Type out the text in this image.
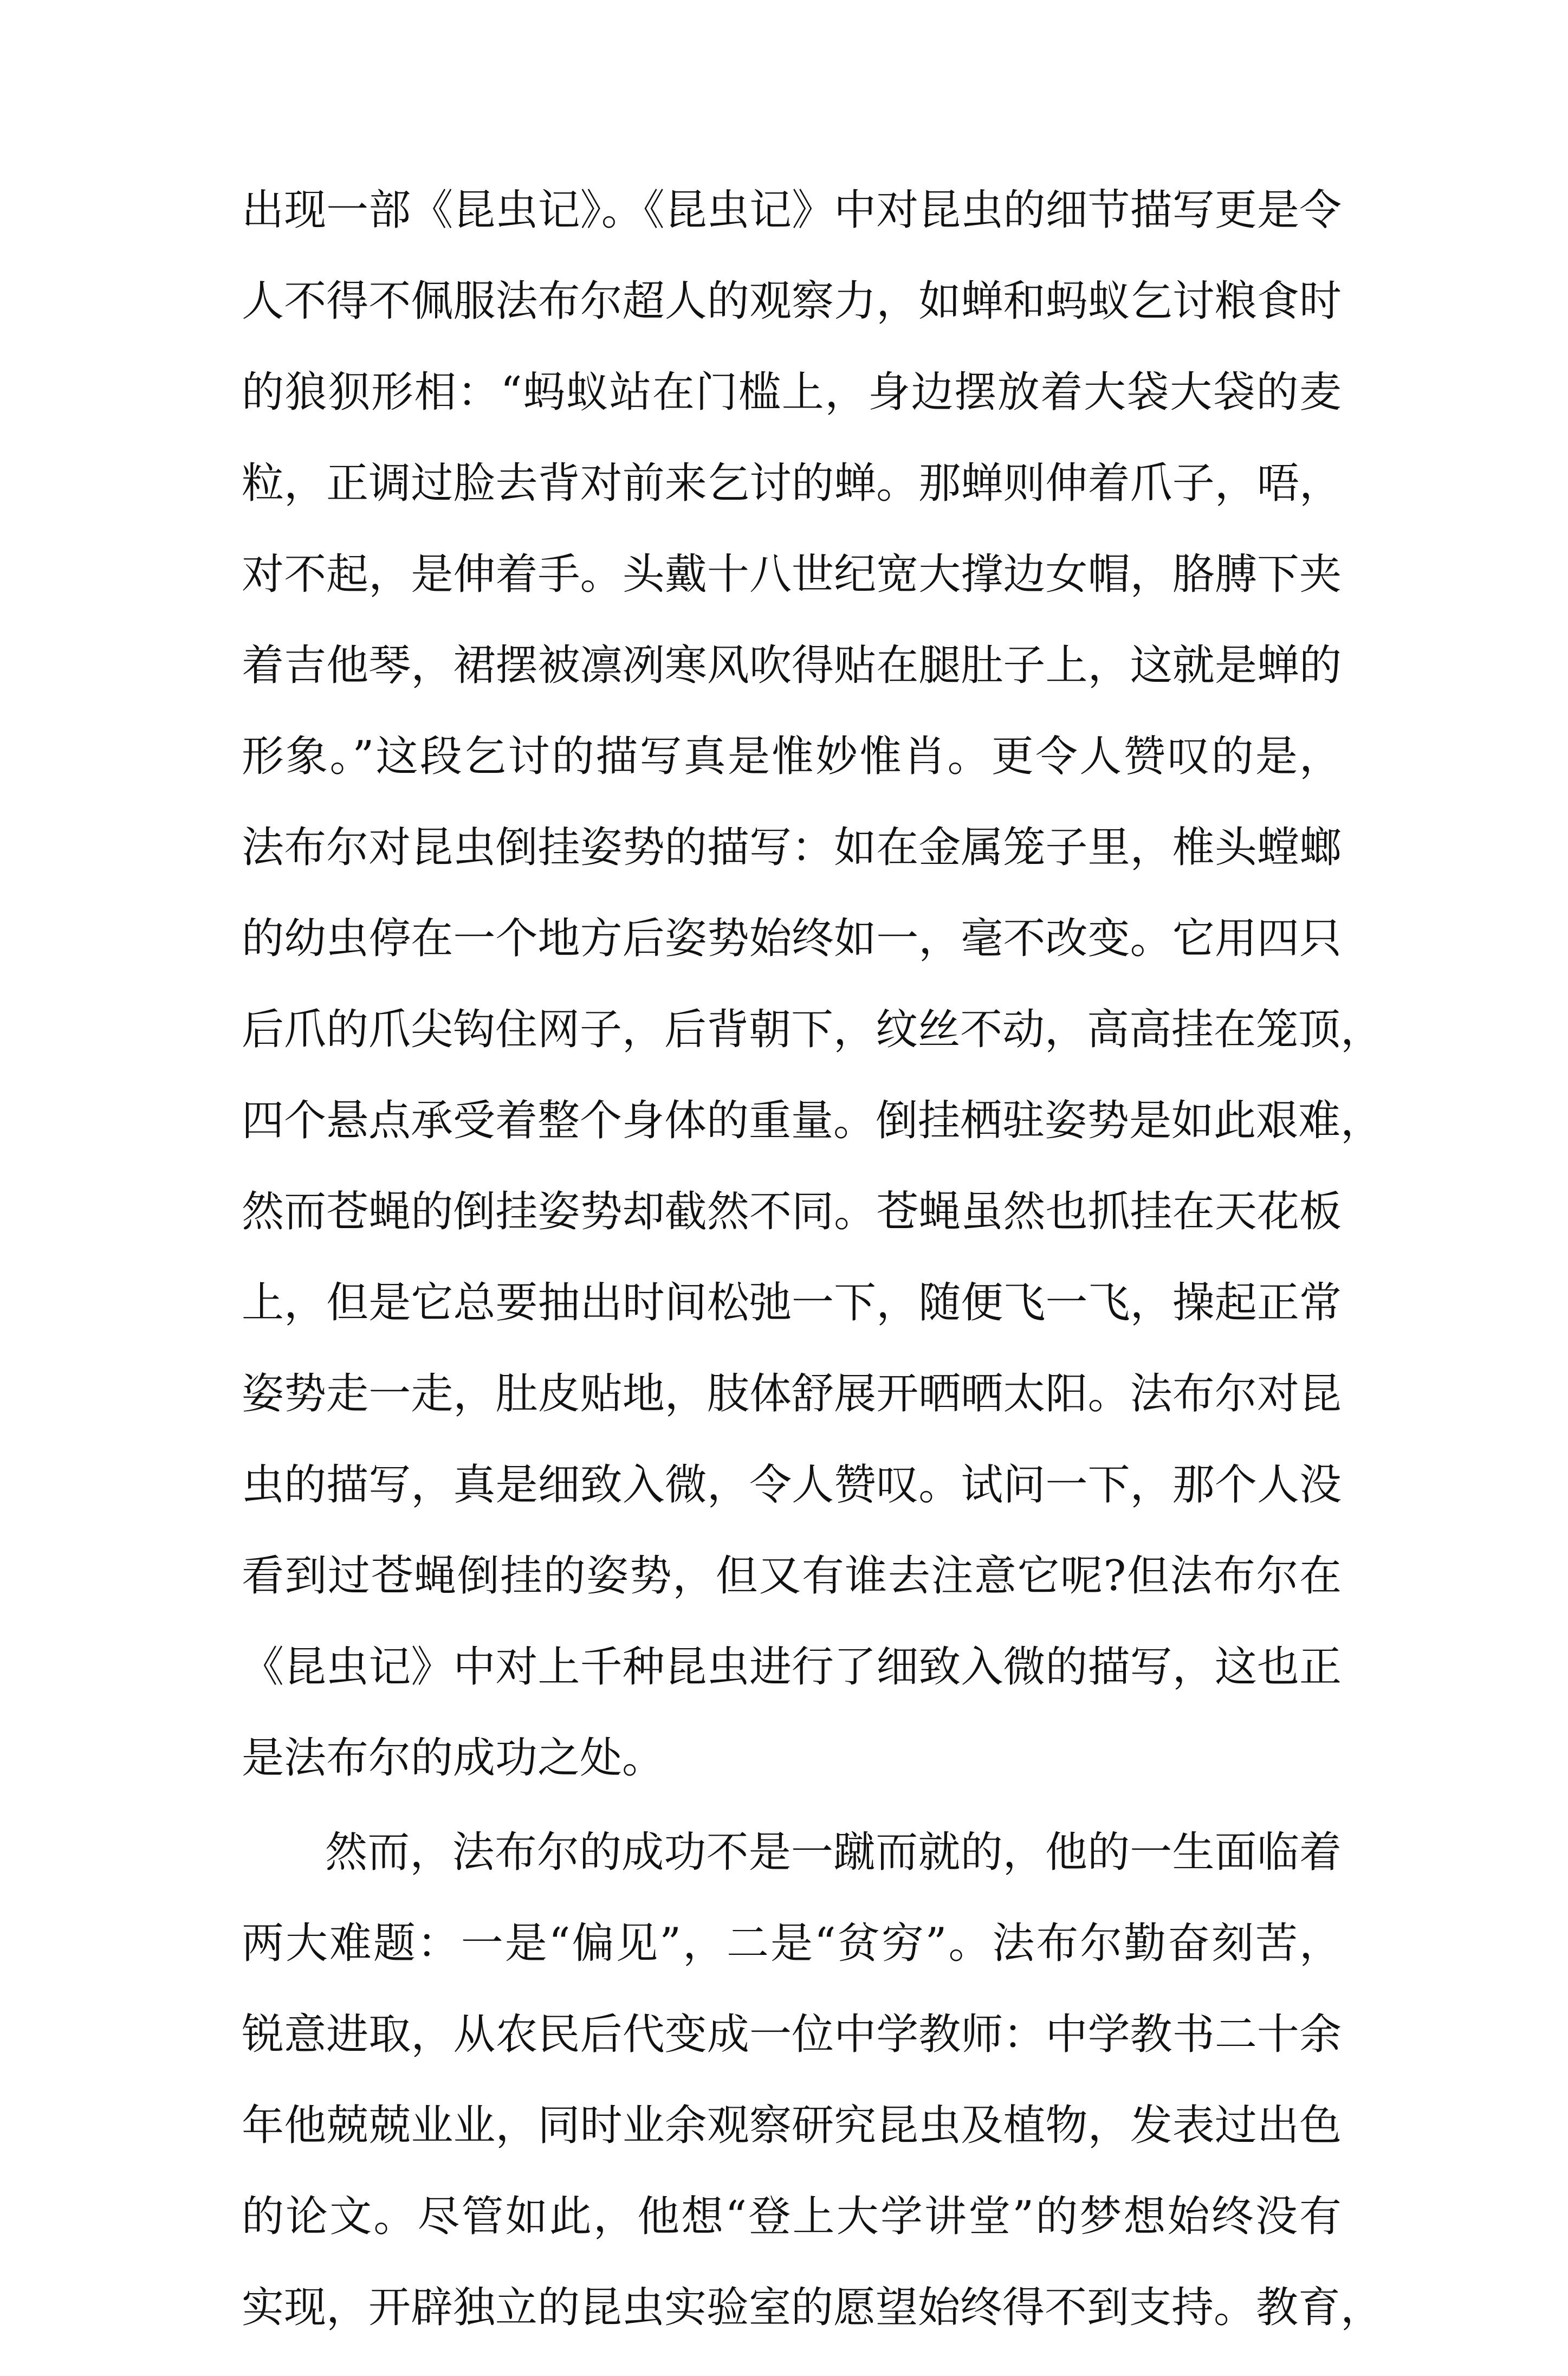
出现一部《昆虫记》。《昆虫记》中对昆虫的细节描写更是令
人不得不佩服法布尔超人的观察力，如蝉和蚂蚁乞讨粮食时
的狼狈形相：“蚂蚁站在门槛上，身边摆放着大袋大袋的麦
粒，正调过脸去背对前来乞讨的蝉。那蝉则伸着爪子，唔，
对不起，是伸着手。头戴十八世纪宽大撑边女帽，胳膊下夹
着吉他琴，裙摆被凛冽寒风吹得贴在腿肚子上，这就是蝉的
形象。”这段乞讨的描写真是惟妙惟肖。更令人赞叹的是，
法布尔对昆虫倒挂姿势的描写：如在金属笼子里，椎头螳螂
的幼虫停在一个地方后姿势始终如一，毫不改变。它用四只
后爪的爪尖钩住网子，后背朝下，纹丝不动，高高挂在笼顶，
四个悬点承受着整个身体的重量。倒挂栖驻姿势是如此艰难，
然而苍蝇的倒挂姿势却截然不同。苍蝇虽然也抓挂在天花板
上，但是它总要抽出时间松弛一下，随便飞一飞，操起正常
姿势走一走，肚皮贴地，肢体舒展开晒晒太阳。法布尔对昆
虫的描写，真是细致入微，令人赞叹。试问一下，那个人没
看到过苍蝇倒挂的姿势，但又有谁去注意它呢?但法布尔在
《昆虫记》中对上千种昆虫进行了细致入微的描写，这也正
是法布尔的成功之处。
然而，法布尔的成功不是一蹴而就的，他的一生面临着
两大难题：一是“偏见”，二是“贫穷”。法布尔勤奋刻苦，
锐意进取，从农民后代变成一位中学教师：中学教书二十余
年他兢兢业业，同时业余观察研究昆虫及植物，发表过出色
的论文。尽管如此，他想“登上大学讲堂”的梦想始终没有
实现，开辟独立的昆虫实验室的愿望始终得不到支持。教育，
